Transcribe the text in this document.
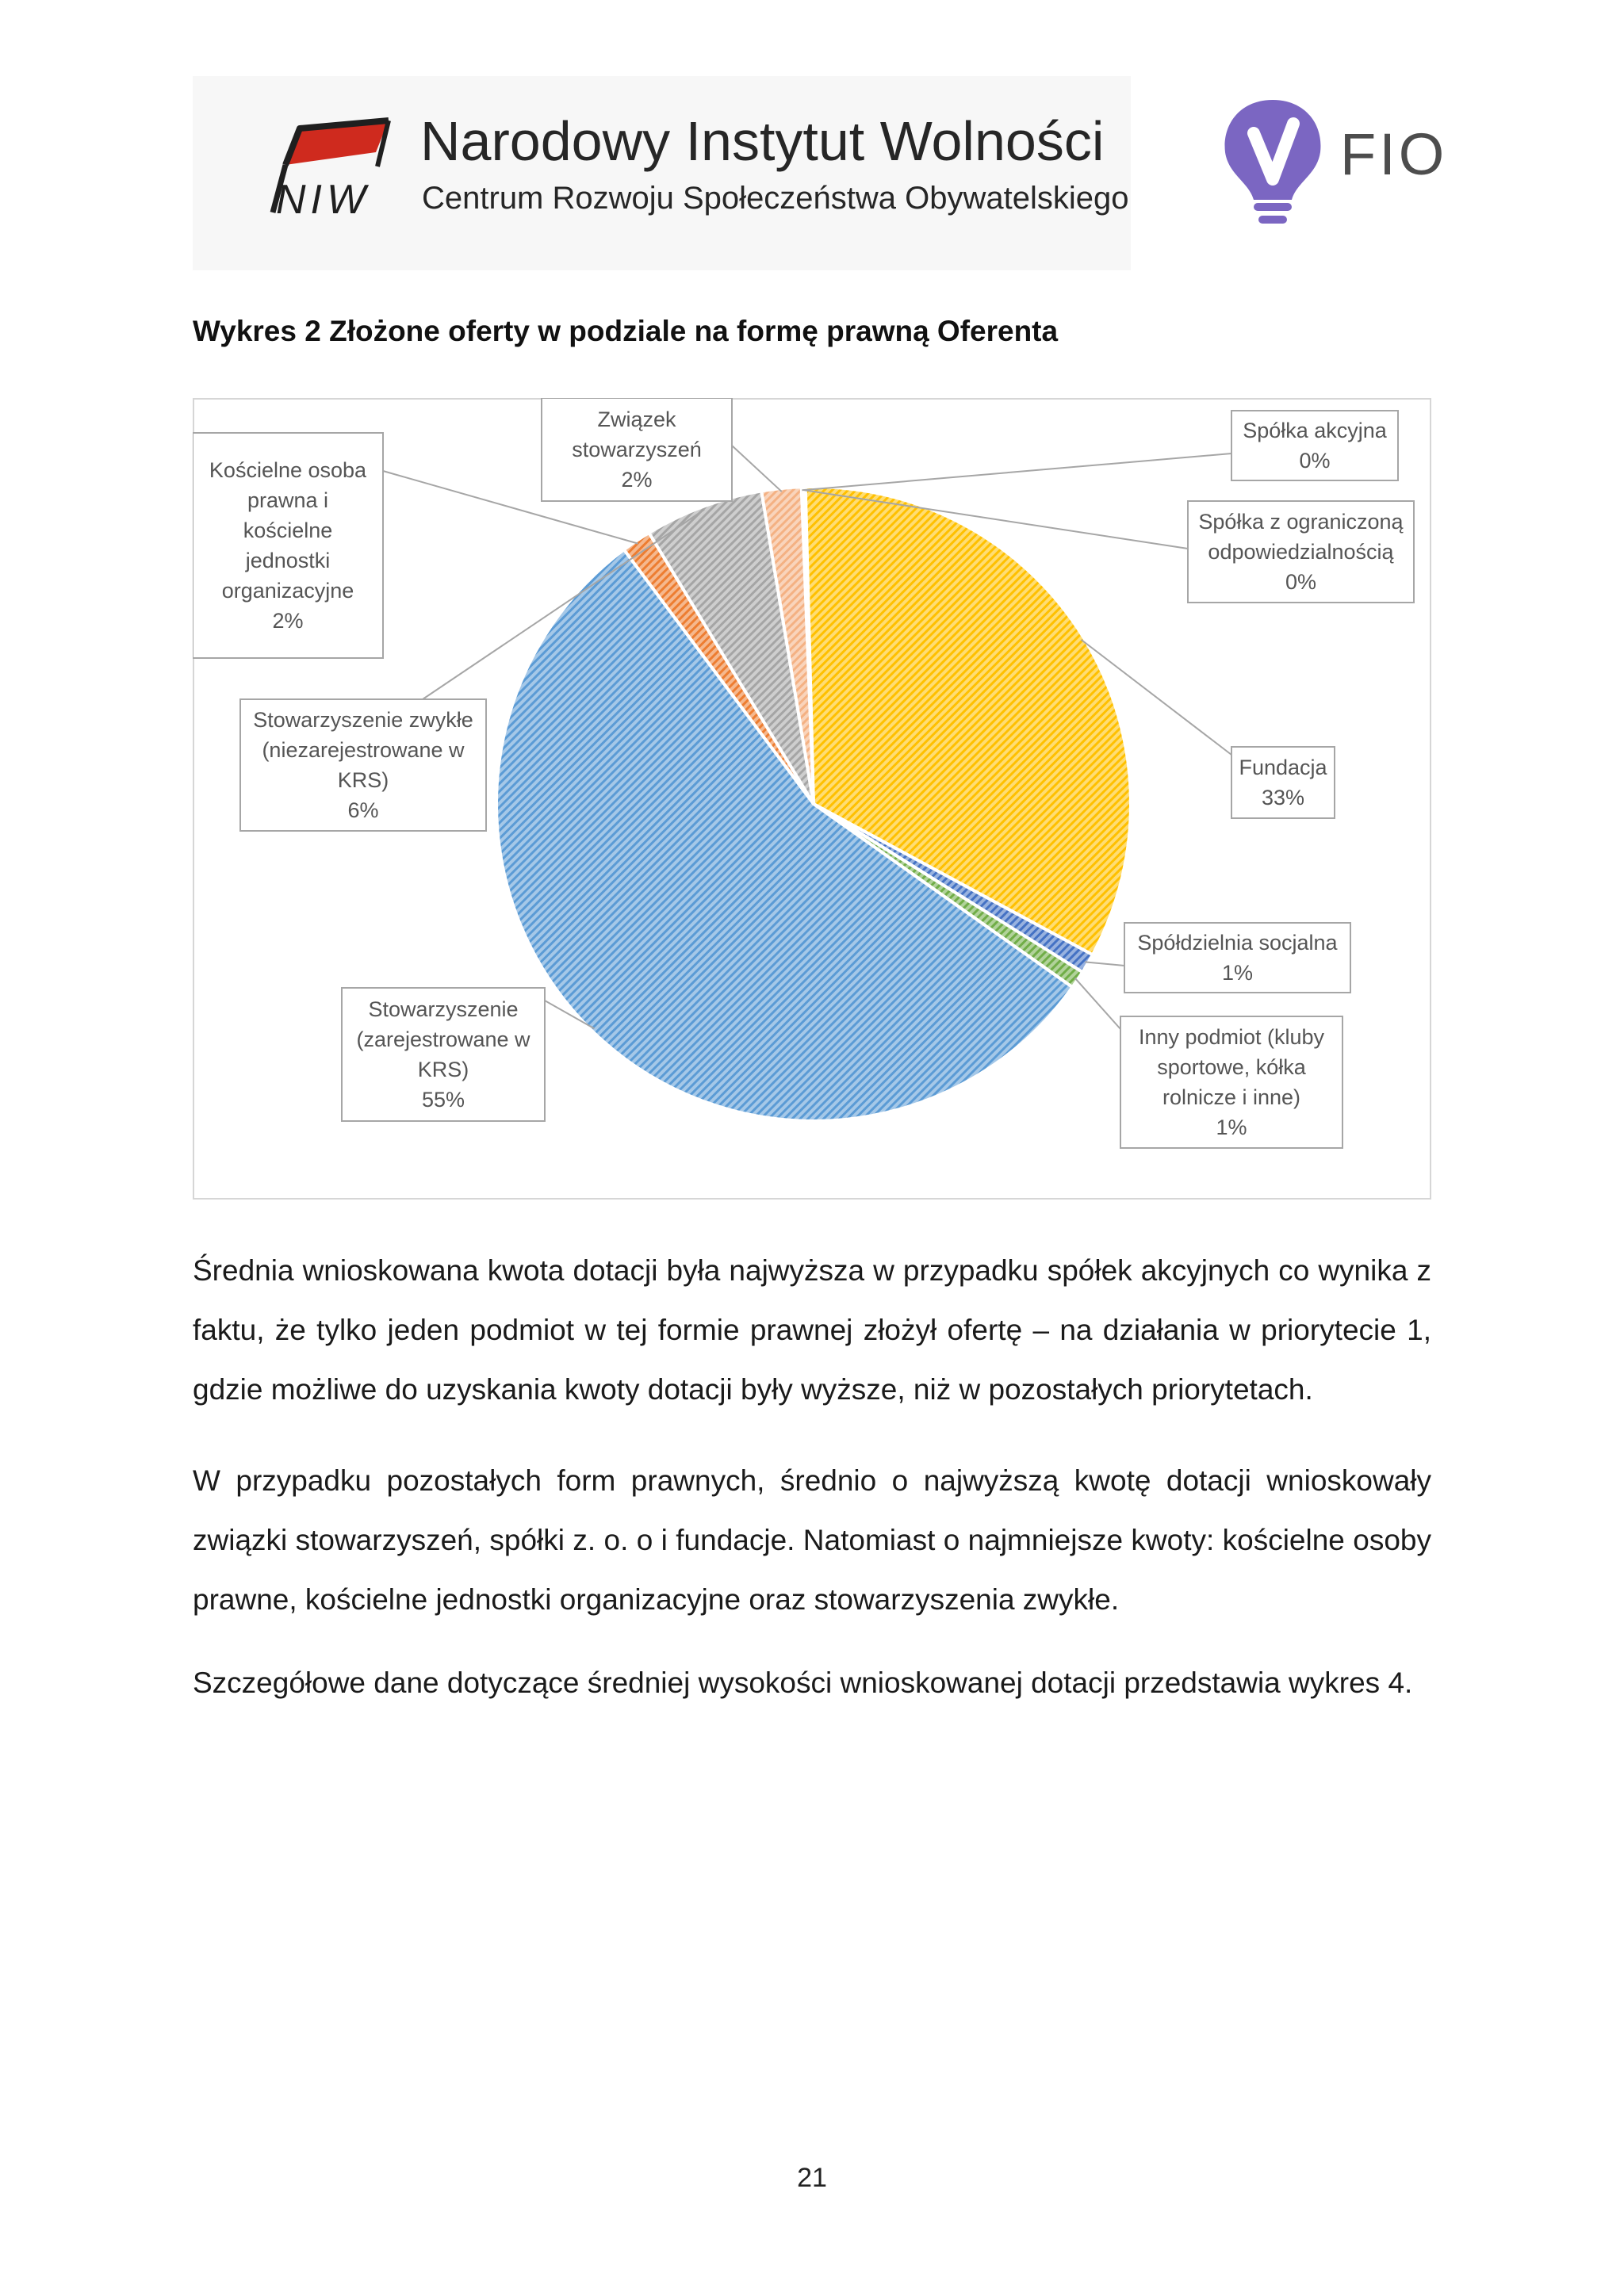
NIW
Narodowy Instytut Wolności
Centrum Rozwoju Społeczeństwa Obywatelskiego
FIO
Wykres 2 Złożone oferty w podziale na formę prawną Oferenta
Spółka akcyjna
0%
Spółka z ograniczoną
odpowiedzialnością
0%
Fundacja
33%
Spółdzielnia socjalna
1%
Inny podmiot (kluby
sportowe, kółka
rolnicze i inne)
1%
Stowarzyszenie
(zarejestrowane w
KRS)
55%
Kościelne osoba
prawna i
kościelne
jednostki
organizacyjne
2%
Stowarzyszenie zwykłe
(niezarejestrowane w
KRS)
6%
Związek
stowarzyszeń
2%

Średnia wnioskowana kwota dotacji była najwyższa w przypadku spółek akcyjnych co wynika z faktu, że tylko jeden podmiot w tej formie prawnej złożył ofertę – na działania w priorytecie 1, gdzie możliwe do uzyskania kwoty dotacji były wyższe, niż w pozostałych priorytetach.

W przypadku pozostałych form prawnych, średnio o najwyższą kwotę dotacji wnioskowały związki stowarzyszeń, spółki z. o. o i fundacje. Natomiast o najmniejsze kwoty: kościelne osoby prawne, kościelne jednostki organizacyjne oraz stowarzyszenia zwykłe.

Szczegółowe dane dotyczące średniej wysokości wnioskowanej dotacji przedstawia wykres 4.

21
